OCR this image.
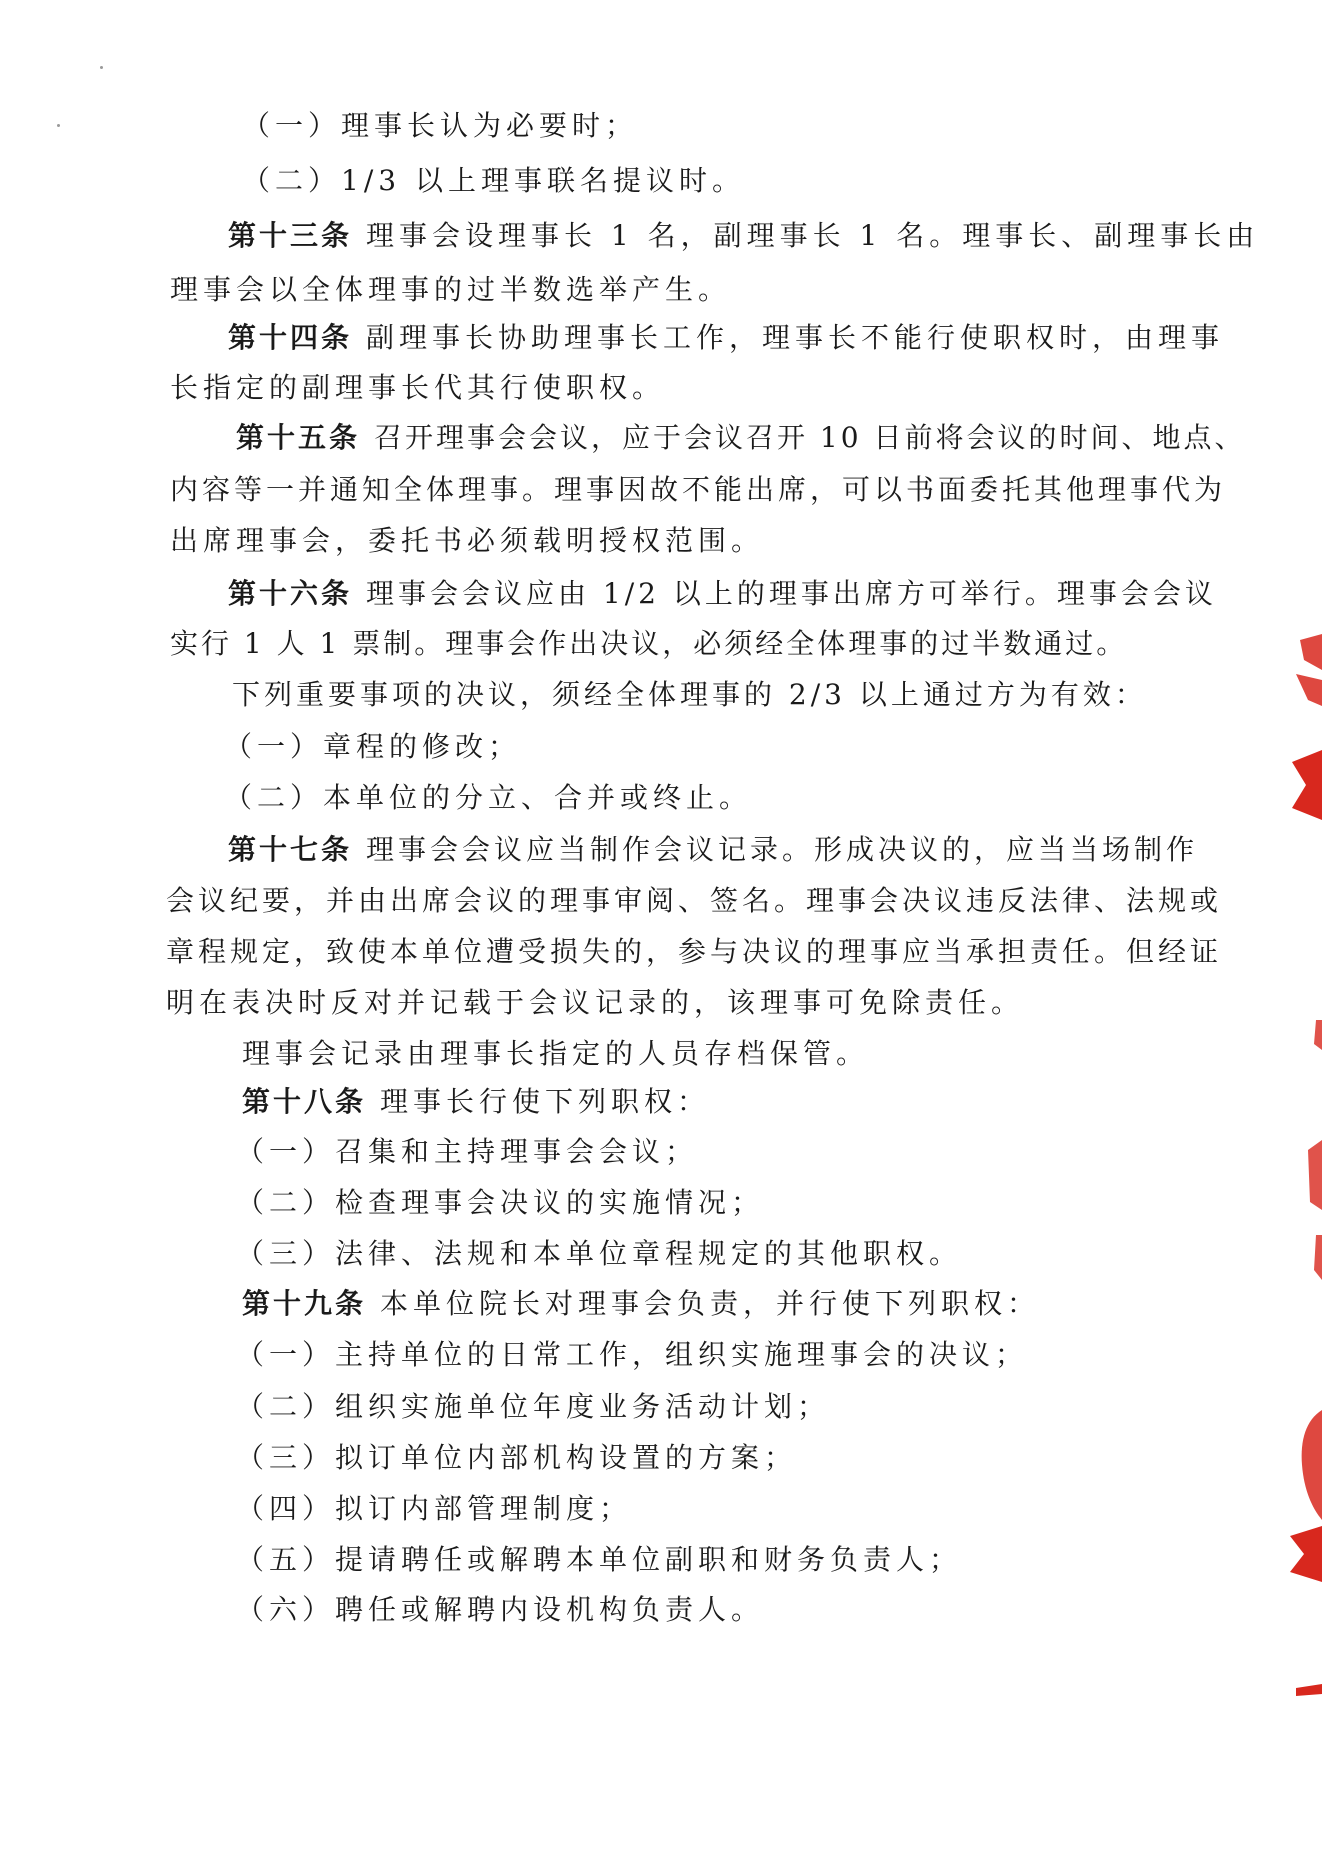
（一）理事长认为必要时；
（二）1/3 以上理事联名提议时。
第十三条 理事会设理事长 1 名，副理事长 1 名。理事长、副理事长由
理事会以全体理事的过半数选举产生。
第十四条 副理事长协助理事长工作，理事长不能行使职权时，由理事
长指定的副理事长代其行使职权。
第十五条 召开理事会会议，应于会议召开 10 日前将会议的时间、地点、
内容等一并通知全体理事。理事因故不能出席，可以书面委托其他理事代为
出席理事会，委托书必须载明授权范围。
第十六条 理事会会议应由 1/2 以上的理事出席方可举行。理事会会议
实行 1 人 1 票制。理事会作出决议，必须经全体理事的过半数通过。
下列重要事项的决议，须经全体理事的 2/3 以上通过方为有效：
（一）章程的修改；
（二）本单位的分立、合并或终止。
第十七条 理事会会议应当制作会议记录。形成决议的，应当当场制作
会议纪要，并由出席会议的理事审阅、签名。理事会决议违反法律、法规或
章程规定，致使本单位遭受损失的，参与决议的理事应当承担责任。但经证
明在表决时反对并记载于会议记录的，该理事可免除责任。
理事会记录由理事长指定的人员存档保管。
第十八条 理事长行使下列职权：
（一）召集和主持理事会会议；
（二）检查理事会决议的实施情况；
（三）法律、法规和本单位章程规定的其他职权。
第十九条 本单位院长对理事会负责，并行使下列职权：
（一）主持单位的日常工作，组织实施理事会的决议；
（二）组织实施单位年度业务活动计划；
（三）拟订单位内部机构设置的方案；
（四）拟订内部管理制度；
（五）提请聘任或解聘本单位副职和财务负责人；
（六）聘任或解聘内设机构负责人。
